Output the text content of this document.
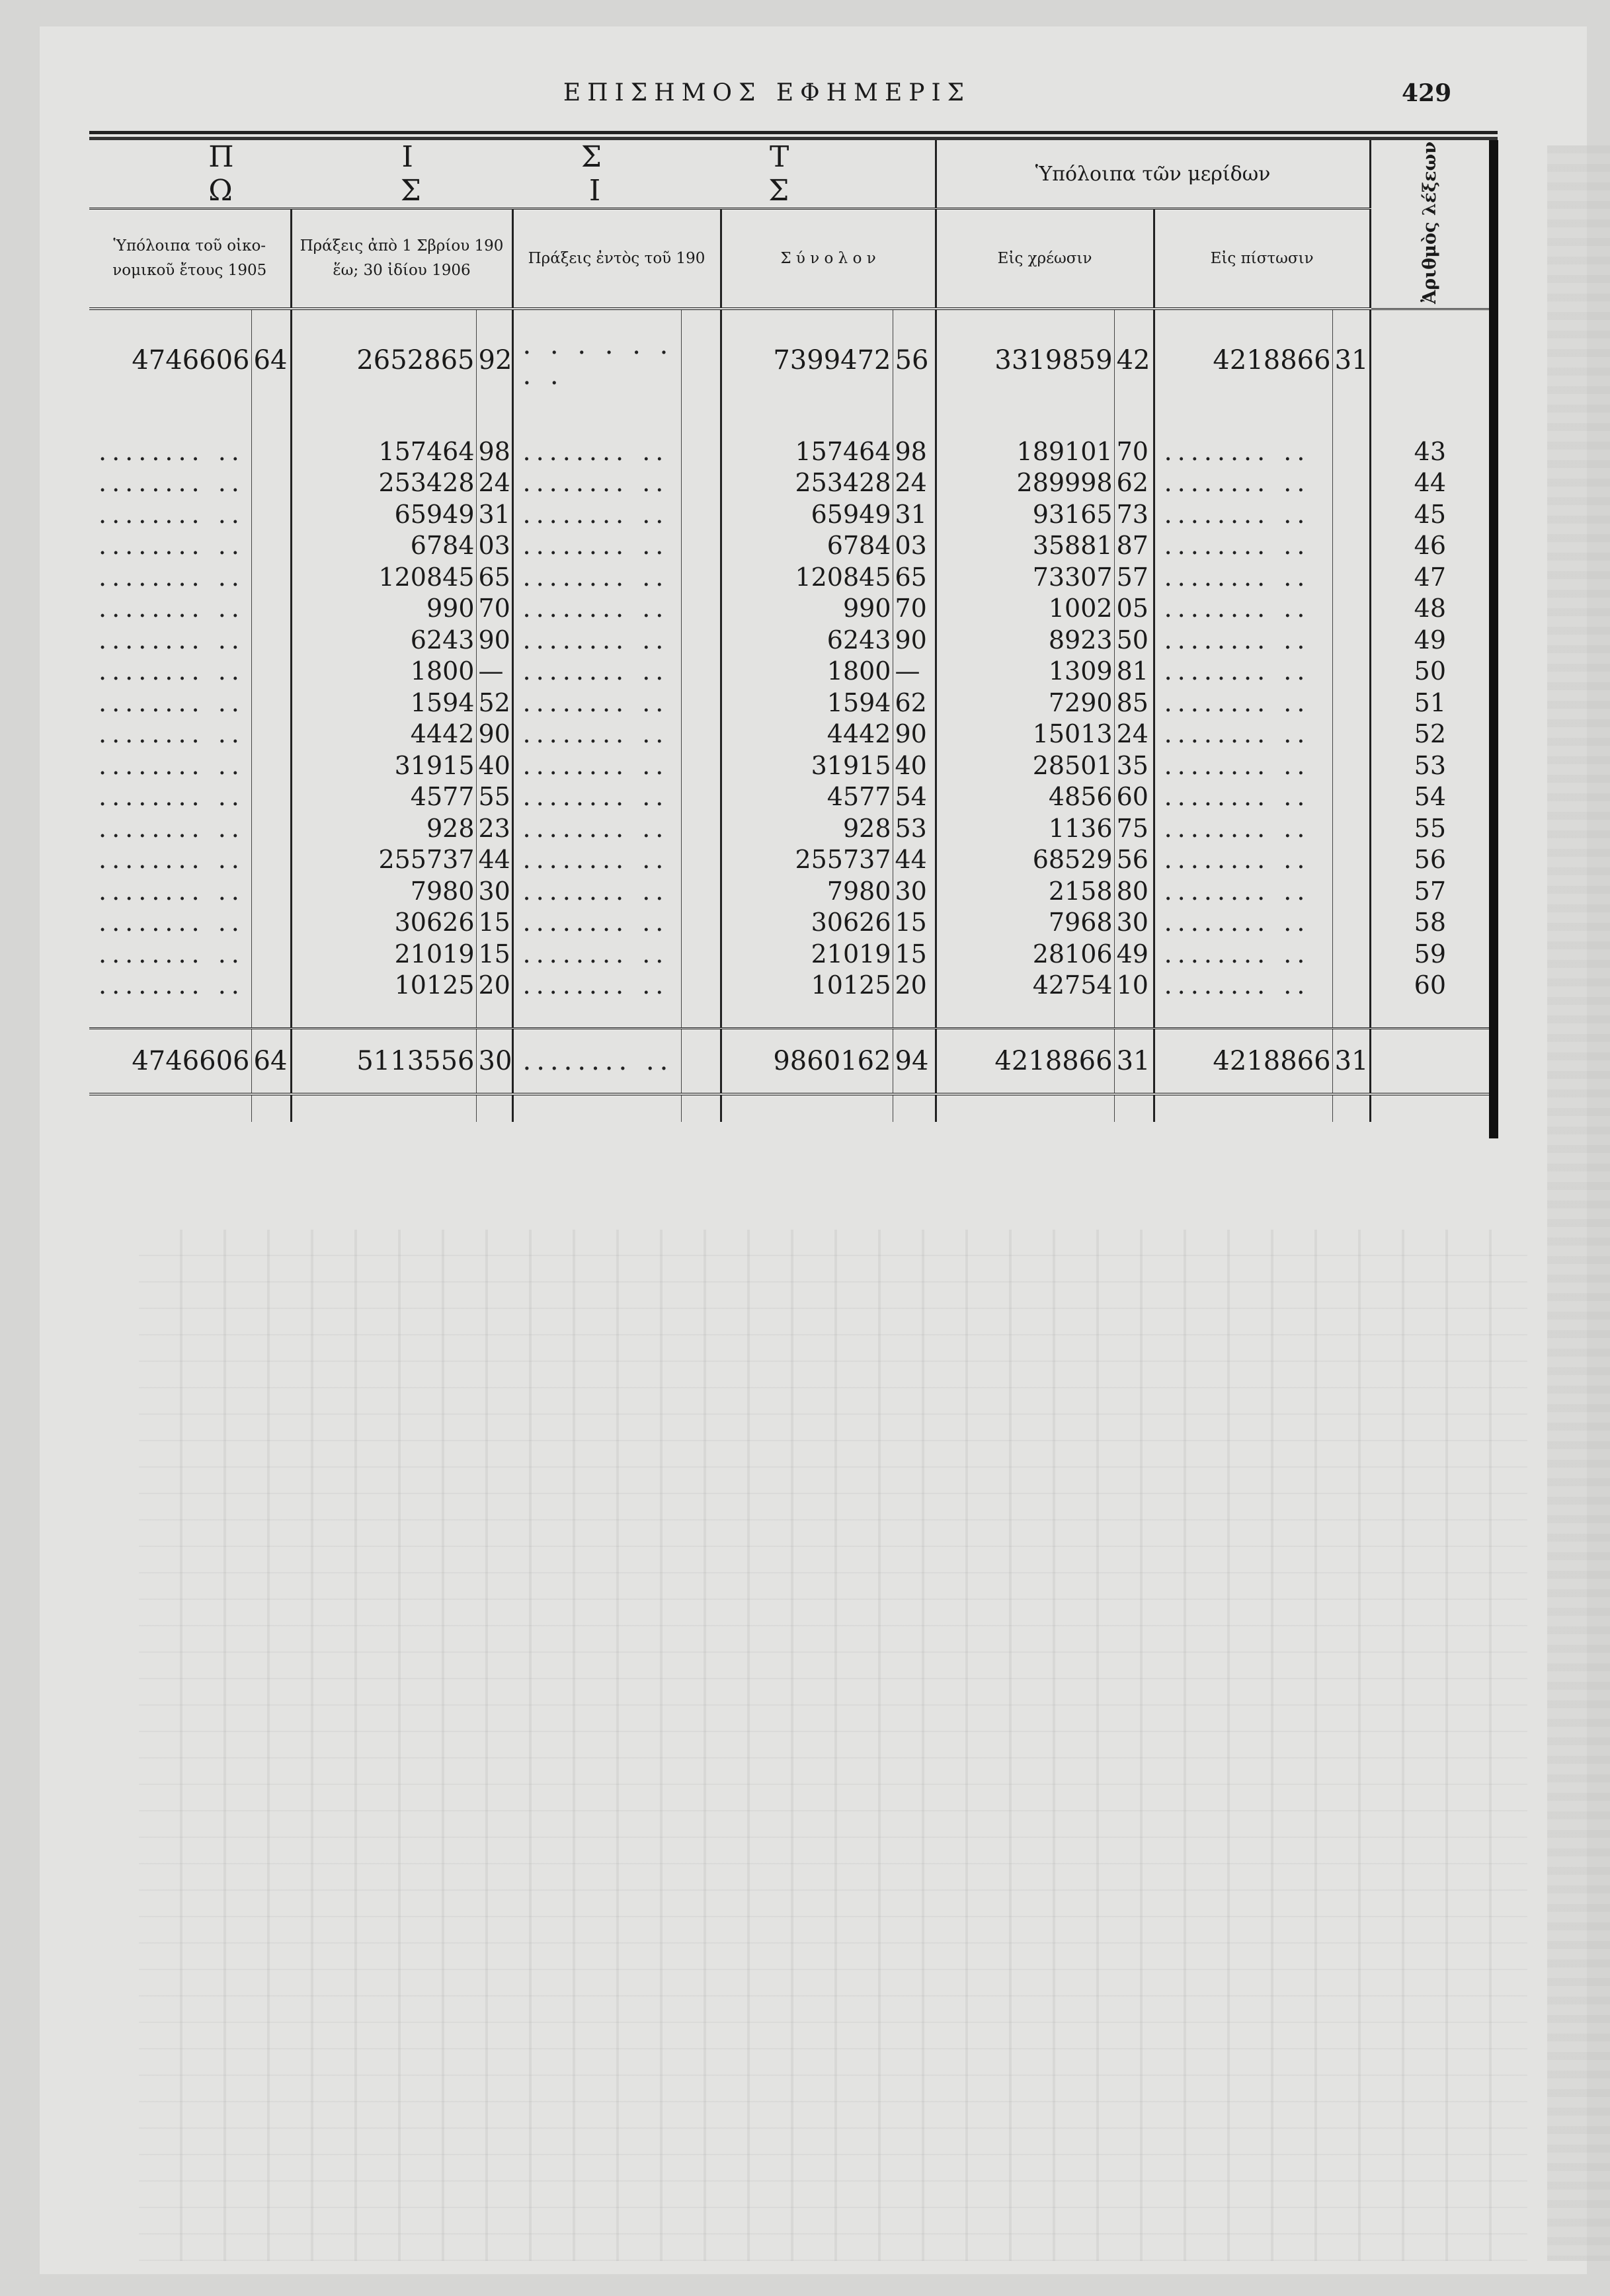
ΕΠΙΣΗΜΟΣ ΕΦΗΜΕΡΙΣ	429
Π Ι Σ Τ Ω Σ Ι Σ								Ὑπόλοιπα τῶν μερίδων				Ἀριθμὸς λέξεων
Ὑπόλοιπα τοῦ οἰκο-νομικοῦ ἔτους 1905		Πράξεις ἀπὸ 1 Σβρίου 190 ἕω; 30 ἰδίου 1906		Πράξεις ἐντὸς τοῦ 190		Σ ύ ν ο λ ο ν		Εἰς χρέωσιν		Εἰς πίστωσιν		

4746606	64	2652865	92	. . . . . . . .		7399472	56	3319859	42	4218866	31	

........ ..		157464	98	........ ..		157464	98	189101	70	........ ..		43
........ ..		253428	24	........ ..		253428	24	289998	62	........ ..		44
........ ..		65949	31	........ ..		65949	31	93165	73	........ ..		45
........ ..		6784	03	........ ..		6784	03	35881	87	........ ..		46
........ ..		120845	65	........ ..		120845	65	73307	57	........ ..		47
........ ..		990	70	........ ..		990	70	1002	05	........ ..		48
........ ..		6243	90	........ ..		6243	90	8923	50	........ ..		49
........ ..		1800	—	........ ..		1800	—	1309	81	........ ..		50
........ ..		1594	52	........ ..		1594	62	7290	85	........ ..		51
........ ..		4442	90	........ ..		4442	90	15013	24	........ ..		52
........ ..		31915	40	........ ..		31915	40	28501	35	........ ..		53
........ ..		4577	55	........ ..		4577	54	4856	60	........ ..		54
........ ..		928	23	........ ..		928	53	1136	75	........ ..		55
........ ..		255737	44	........ ..		255737	44	68529	56	........ ..		56
........ ..		7980	30	........ ..		7980	30	2158	80	........ ..		57
........ ..		30626	15	........ ..		30626	15	7968	30	........ ..		58
........ ..		21019	15	........ ..		21019	15	28106	49	........ ..		59
........ ..		10125	20	........ ..		10125	20	42754	10	........ ..		60

4746606	64	5113556	30	........ ..		9860162	94	4218866	31	4218866	31	
